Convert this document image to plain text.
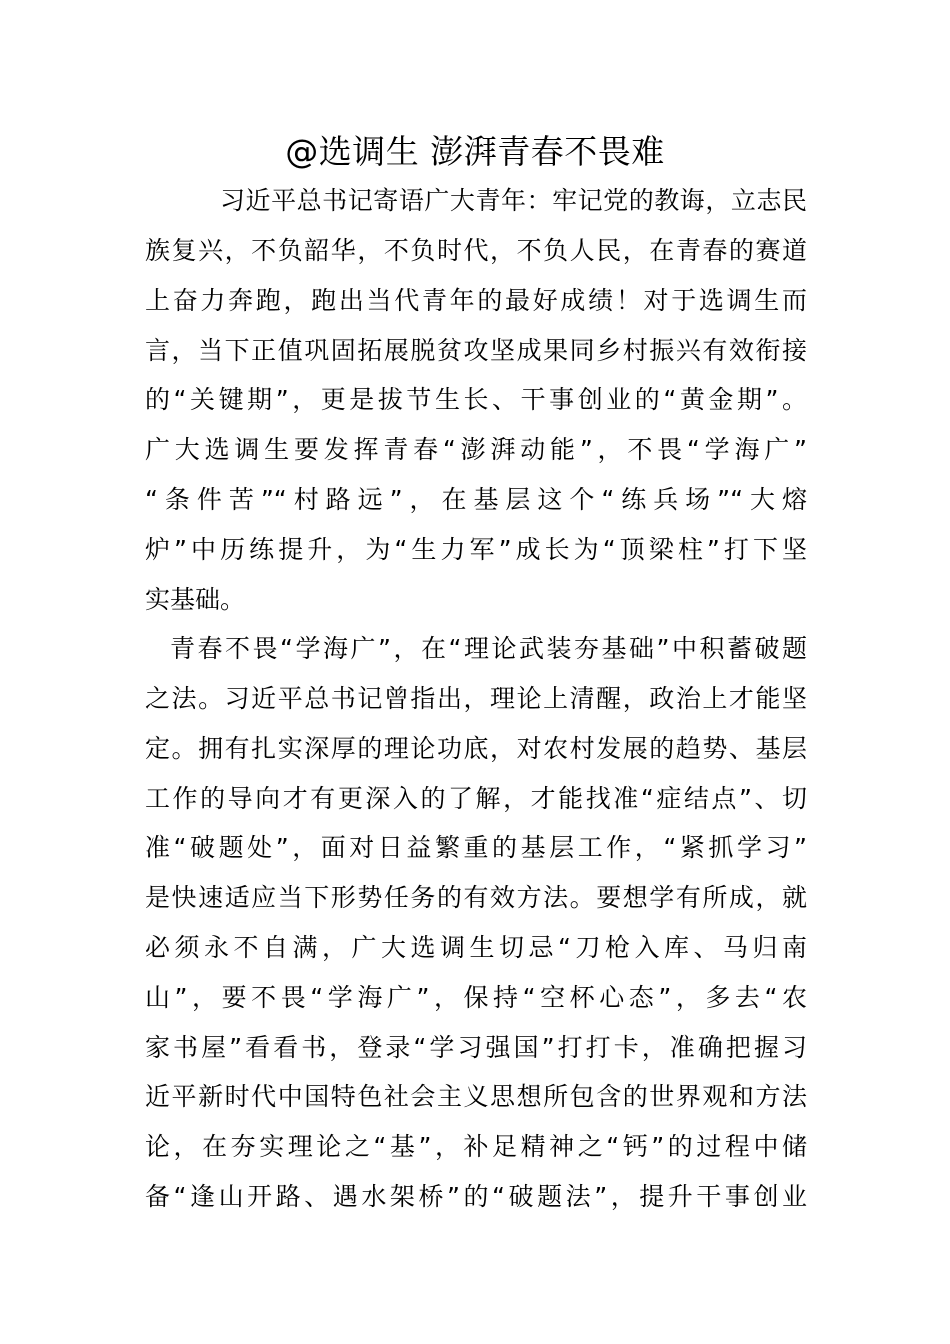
@选调生 澎湃青春不畏难

习近平总书记寄语广大青年：牢记党的教诲，立志民

族复兴，不负韶华，不负时代，不负人民，在青春的赛道

上奋力奔跑，跑出当代青年的最好成绩！对于选调生而

言，当下正值巩固拓展脱贫攻坚成果同乡村振兴有效衔接

的“关键期”，更是拔节生长、干事创业的“黄金期”。

广大选调生要发挥青春“澎湃动能”，不畏“学海广”

“条件苦”“村路远”，在基层这个“练兵场”“大熔

炉”中历练提升，为“生力军”成长为“顶梁柱”打下坚

实基础。

青春不畏“学海广”，在“理论武装夯基础”中积蓄破题

之法。习近平总书记曾指出，理论上清醒，政治上才能坚

定。拥有扎实深厚的理论功底，对农村发展的趋势、基层

工作的导向才有更深入的了解，才能找准“症结点”、切

准“破题处”，面对日益繁重的基层工作，“紧抓学习”

是快速适应当下形势任务的有效方法。要想学有所成，就

必须永不自满，广大选调生切忌“刀枪入库、马归南

山”，要不畏“学海广”，保持“空杯心态”，多去“农

家书屋”看看书，登录“学习强国”打打卡，准确把握习

近平新时代中国特色社会主义思想所包含的世界观和方法

论，在夯实理论之“基”，补足精神之“钙”的过程中储

备“逢山开路、遇水架桥”的“破题法”，提升干事创业
